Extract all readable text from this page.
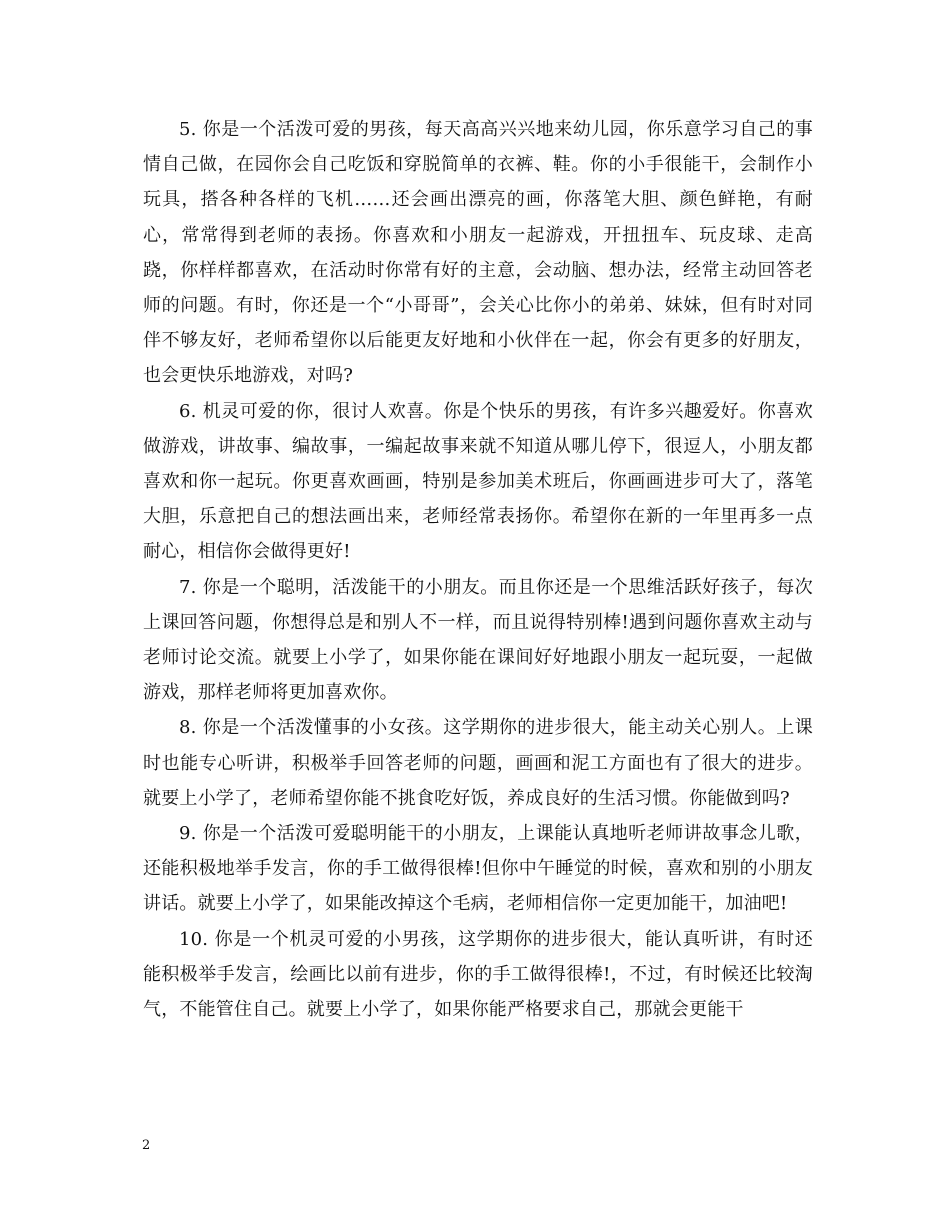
5. 你是一个活泼可爱的男孩，每天高高兴兴地来幼儿园，你乐意学习自己的事情自己做，在园你会自己吃饭和穿脱简单的衣裤、鞋。你的小手很能干，会制作小玩具，搭各种各样的飞机……还会画出漂亮的画，你落笔大胆、颜色鲜艳，有耐心，常常得到老师的表扬。你喜欢和小朋友一起游戏，开扭扭车、玩皮球、走高跷，你样样都喜欢，在活动时你常有好的主意，会动脑、想办法，经常主动回答老师的问题。有时，你还是一个“小哥哥”，会关心比你小的弟弟、妹妹，但有时对同伴不够友好，老师希望你以后能更友好地和小伙伴在一起，你会有更多的好朋友，也会更快乐地游戏，对吗?

6. 机灵可爱的你，很讨人欢喜。你是个快乐的男孩，有许多兴趣爱好。你喜欢做游戏，讲故事、编故事，一编起故事来就不知道从哪儿停下，很逗人，小朋友都喜欢和你一起玩。你更喜欢画画，特别是参加美术班后，你画画进步可大了，落笔大胆，乐意把自己的想法画出来，老师经常表扬你。希望你在新的一年里再多一点耐心，相信你会做得更好!

7. 你是一个聪明，活泼能干的小朋友。而且你还是一个思维活跃好孩子，每次上课回答问题，你想得总是和别人不一样，而且说得特别棒!遇到问题你喜欢主动与老师讨论交流。就要上小学了，如果你能在课间好好地跟小朋友一起玩耍，一起做游戏，那样老师将更加喜欢你。

8. 你是一个活泼懂事的小女孩。这学期你的进步很大，能主动关心别人。上课时也能专心听讲，积极举手回答老师的问题，画画和泥工方面也有了很大的进步。就要上小学了，老师希望你能不挑食吃好饭，养成良好的生活习惯。你能做到吗?

9. 你是一个活泼可爱聪明能干的小朋友，上课能认真地听老师讲故事念儿歌，还能积极地举手发言，你的手工做得很棒!但你中午睡觉的时候，喜欢和别的小朋友讲话。就要上小学了，如果能改掉这个毛病，老师相信你一定更加能干，加油吧!

10. 你是一个机灵可爱的小男孩，这学期你的进步很大，能认真听讲，有时还能积极举手发言，绘画比以前有进步，你的手工做得很棒!，不过，有时候还比较淘气，不能管住自己。就要上小学了，如果你能严格要求自己，那就会更能干

2
